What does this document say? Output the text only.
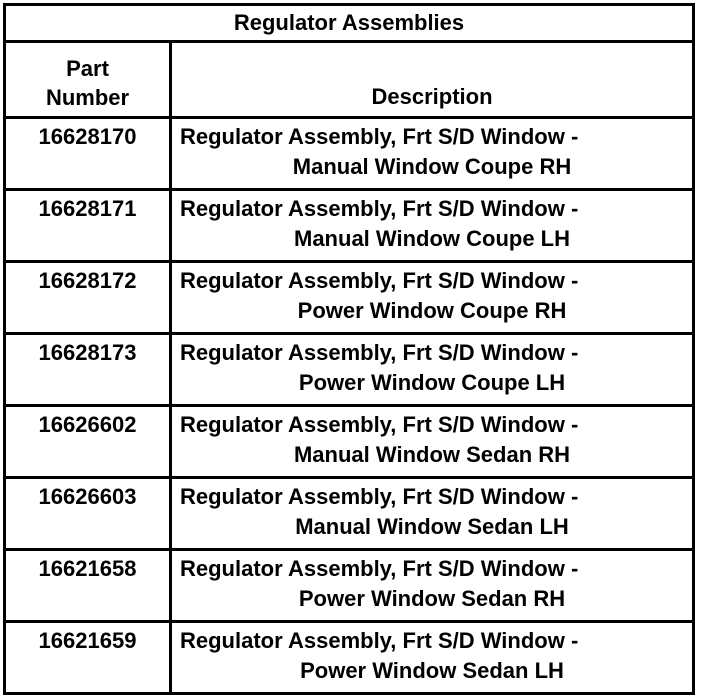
Regulator Assemblies	

Part
Number	Description
16628170	Regulator Assembly, Frt S/D Window -
Manual Window Coupe RH

16628171	Regulator Assembly, Frt S/D Window -
Manual Window Coupe LH

16628172	Regulator Assembly, Frt S/D Window -
Power Window Coupe RH

16628173	Regulator Assembly, Frt S/D Window -
Power Window Coupe LH

16626602	Regulator Assembly, Frt S/D Window -
Manual Window Sedan RH

16626603	Regulator Assembly, Frt S/D Window -
Manual Window Sedan LH

16621658	Regulator Assembly, Frt S/D Window -
Power Window Sedan RH

16621659	Regulator Assembly, Frt S/D Window -
Power Window Sedan LH
